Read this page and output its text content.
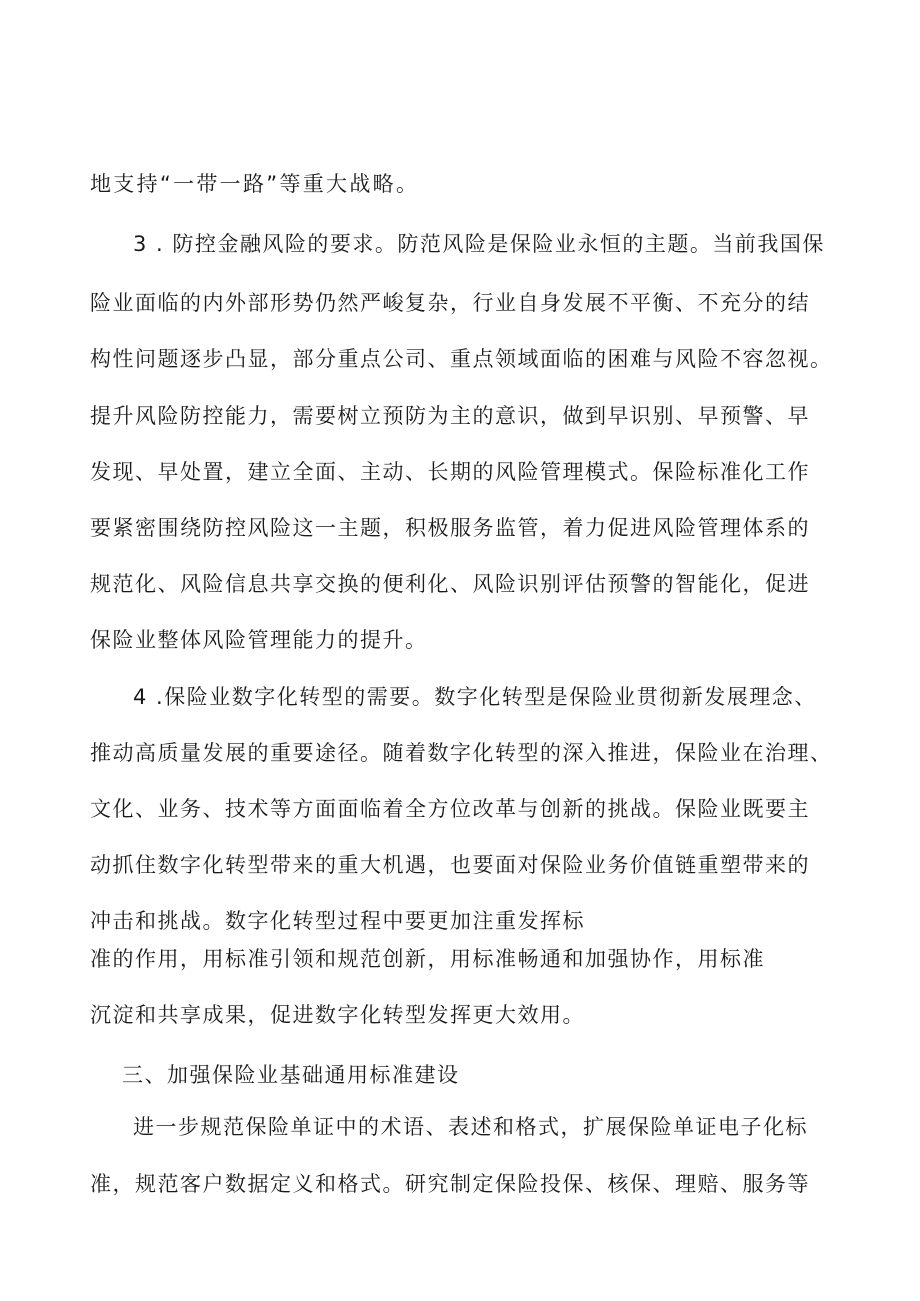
地支持“一带一路”等重大战略。

3 . 防控金融风险的要求。防范风险是保险业永恒的主题。当前我国保

险业面临的内外部形势仍然严峻复杂，行业自身发展不平衡、不充分的结

构性问题逐步凸显，部分重点公司、重点领域面临的困难与风险不容忽视。

提升风险防控能力，需要树立预防为主的意识，做到早识别、早预警、早

发现、早处置，建立全面、主动、长期的风险管理模式。保险标准化工作

要紧密围绕防控风险这一主题，积极服务监管，着力促进风险管理体系的

规范化、风险信息共享交换的便利化、风险识别评估预警的智能化，促进

保险业整体风险管理能力的提升。

4 .保险业数字化转型的需要。数字化转型是保险业贯彻新发展理念、

推动高质量发展的重要途径。随着数字化转型的深入推进，保险业在治理、

文化、业务、技术等方面面临着全方位改革与创新的挑战。保险业既要主

动抓住数字化转型带来的重大机遇，也要面对保险业务价值链重塑带来的

冲击和挑战。数字化转型过程中要更加注重发挥标

准的作用，用标准引领和规范创新，用标准畅通和加强协作，用标准

沉淀和共享成果，促进数字化转型发挥更大效用。

三、加强保险业基础通用标准建设

进一步规范保险单证中的术语、表述和格式，扩展保险单证电子化标

准，规范客户数据定义和格式。研究制定保险投保、核保、理赔、服务等
